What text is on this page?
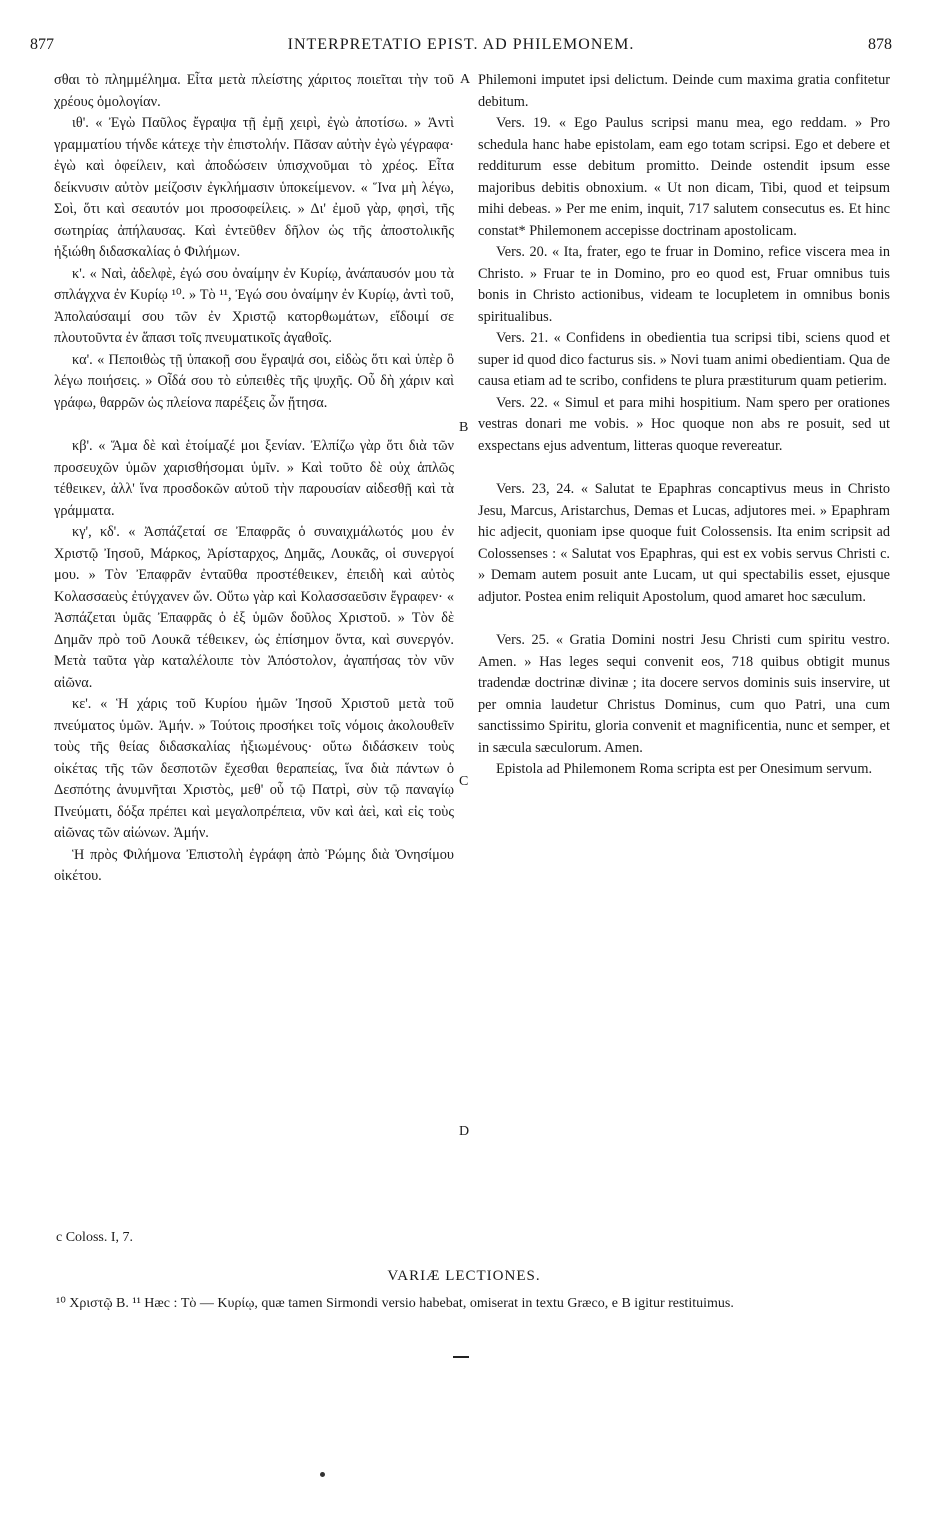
877	INTERPRETATIO EPIST. AD PHILEMONEM.	878

σθαι τὸ πλημμέλημα. Εἶτα μετὰ πλείστης χάριτος ποιεῖται τὴν τοῦ χρέους ὁμολογίαν.

ιθ'. « Ἐγὼ Παῦλος ἔγραψα τῇ ἐμῇ χειρὶ, ἐγὼ ἀποτίσω. » Ἀντὶ γραμματίου τήνδε κάτεχε τὴν ἐπιστολήν. Πᾶσαν αὐτὴν ἐγὼ γέγραφα· ἐγὼ καὶ ὀφείλειν, καὶ ἀποδώσειν ὑπισχνοῦμαι τὸ χρέος. Εἶτα δείκνυσιν αὐτὸν μείζοσιν ἐγκλήμασιν ὑποκείμενον. « Ἵνα μὴ λέγω, Σοὶ, ὅτι καὶ σεαυτόν μοι προσοφείλεις. » Δι' ἐμοῦ γὰρ, φησὶ, τῆς σωτηρίας ἀπήλαυσας. Καὶ ἐντεῦθεν δῆλον ὡς τῆς ἀποστολικῆς ἠξιώθη διδασκαλίας ὁ Φιλήμων.

κ'. « Ναὶ, ἀδελφὲ, ἐγώ σου ὀναίμην ἐν Κυρίῳ, ἀνάπαυσόν μου τὰ σπλάγχνα ἐν Κυρίῳ ¹⁰. » Τὸ ¹¹, Ἐγώ σου ὀναίμην ἐν Κυρίῳ, ἀντὶ τοῦ, Ἀπολαύσαιμί σου τῶν ἐν Χριστῷ κατορθωμάτων, εἴδοιμί σε πλουτοῦντα ἐν ἅπασι τοῖς πνευματικοῖς ἀγαθοῖς.

κα'. « Πεποιθὼς τῇ ὑπακοῇ σου ἔγραψά σοι, εἰδὼς ὅτι καὶ ὑπὲρ ὃ λέγω ποιήσεις. » Οἶδά σου τὸ εὐπειθὲς τῆς ψυχῆς. Οὗ δὴ χάριν καὶ γράφω, θαρρῶν ὡς πλείονα παρέξεις ὧν ᾔτησα.

κβ'. « Ἅμα δὲ καὶ ἑτοίμαζέ μοι ξενίαν. Ἐλπίζω γὰρ ὅτι διὰ τῶν προσευχῶν ὑμῶν χαρισθήσομαι ὑμῖν. » Καὶ τοῦτο δὲ οὐχ ἁπλῶς τέθεικεν, ἀλλ' ἵνα προσδοκῶν αὐτοῦ τὴν παρουσίαν αἰδεσθῇ καὶ τὰ γράμματα.

κγ', κδ'. « Ἀσπάζεταί σε Ἐπαφρᾶς ὁ συναιχμάλωτός μου ἐν Χριστῷ Ἰησοῦ, Μάρκος, Ἀρίσταρχος, Δημᾶς, Λουκᾶς, οἱ συνεργοί μου. » Τὸν Ἐπαφρᾶν ἐνταῦθα προστέθεικεν, ἐπειδὴ καὶ αὐτὸς Κολασσαεὺς ἐτύγχανεν ὤν. Οὕτω γὰρ καὶ Κολασσαεῦσιν ἔγραφεν· « Ἀσπάζεται ὑμᾶς Ἐπαφρᾶς ὁ ἐξ ὑμῶν δοῦλος Χριστοῦ. » Τὸν δὲ Δημᾶν πρὸ τοῦ Λουκᾶ τέθεικεν, ὡς ἐπίσημον ὄντα, καὶ συνεργόν. Μετὰ ταῦτα γὰρ καταλέλοιπε τὸν Ἀπόστολον, ἀγαπήσας τὸν νῦν αἰῶνα.

κε'. « Ἡ χάρις τοῦ Κυρίου ἡμῶν Ἰησοῦ Χριστοῦ μετὰ τοῦ πνεύματος ὑμῶν. Ἀμήν. » Τούτοις προσήκει τοῖς νόμοις ἀκολουθεῖν τοὺς τῆς θείας διδασκαλίας ἠξιωμένους· οὕτω διδάσκειν τοὺς οἰκέτας τῆς τῶν δεσποτῶν ἔχεσθαι θεραπείας, ἵνα διὰ πάντων ὁ Δεσπότης ἀνυμνῆται Χριστὸς, μεθ' οὗ τῷ Πατρὶ, σὺν τῷ παναγίῳ Πνεύματι, δόξα πρέπει καὶ μεγαλοπρέπεια, νῦν καὶ ἀεὶ, καὶ εἰς τοὺς αἰῶνας τῶν αἰώνων. Ἀμήν.

Ἡ πρὸς Φιλήμονα Ἐπιστολὴ ἐγράφη ἀπὸ Ῥώμης διὰ Ὀνησίμου οἰκέτου.

Philemoni imputet ipsi delictum. Deinde cum maxima gratia confitetur debitum.

Vers. 19. « Ego Paulus scripsi manu mea, ego reddam. » Pro schedula hanc habe epistolam, eam ego totam scripsi. Ego et debere et redditurum esse debitum promitto. Deinde ostendit ipsum esse majoribus debitis obnoxium. « Ut non dicam, Tibi, quod et teipsum mihi debeas. » Per me enim, inquit, 717 salutem consecutus es. Et hinc constat* Philemonem accepisse doctrinam apostolicam.

Vers. 20. « Ita, frater, ego te fruar in Domino, refice viscera mea in Christo. » Fruar te in Domino, pro eo quod est, Fruar omnibus tuis bonis in Christo actionibus, videam te locupletem in omnibus bonis spiritualibus.

Vers. 21. « Confidens in obedientia tua scripsi tibi, sciens quod et super id quod dico facturus sis. » Novi tuam animi obedientiam. Qua de causa etiam ad te scribo, confidens te plura præstiturum quam petierim.

Vers. 22. « Simul et para mihi hospitium. Nam spero per orationes vestras donari me vobis. » Hoc quoque non abs re posuit, sed ut exspectans ejus adventum, litteras quoque revereatur.

Vers. 23, 24. « Salutat te Epaphras concaptivus meus in Christo Jesu, Marcus, Aristarchus, Demas et Lucas, adjutores mei. » Epaphram hic adjecit, quoniam ipse quoque fuit Colossensis. Ita enim scripsit ad Colossenses : « Salutat vos Epaphras, qui est ex vobis servus Christi c. » Demam autem posuit ante Lucam, ut qui spectabilis esset, ejusque adjutor. Postea enim reliquit Apostolum, quod amaret hoc sæculum.

Vers. 25. « Gratia Domini nostri Jesu Christi cum spiritu vestro. Amen. » Has leges sequi convenit eos, 718 quibus obtigit munus tradendæ doctrinæ divinæ ; ita docere servos dominis suis inservire, ut per omnia laudetur Christus Dominus, cum quo Patri, una cum sanctissimo Spiritu, gloria convenit et magnificentia, nunc et semper, et in sæcula sæculorum. Amen.

Epistola ad Philemonem Roma scripta est per Onesimum servum.

A
B
C
D
c Coloss. I, 7.
VARIÆ LECTIONES.
¹⁰ Χριστῷ B. ¹¹ Hæc : Τὸ — Κυρίῳ, quæ tamen Sirmondi versio habebat, omiserat in textu Græco, e B igitur restituimus.
